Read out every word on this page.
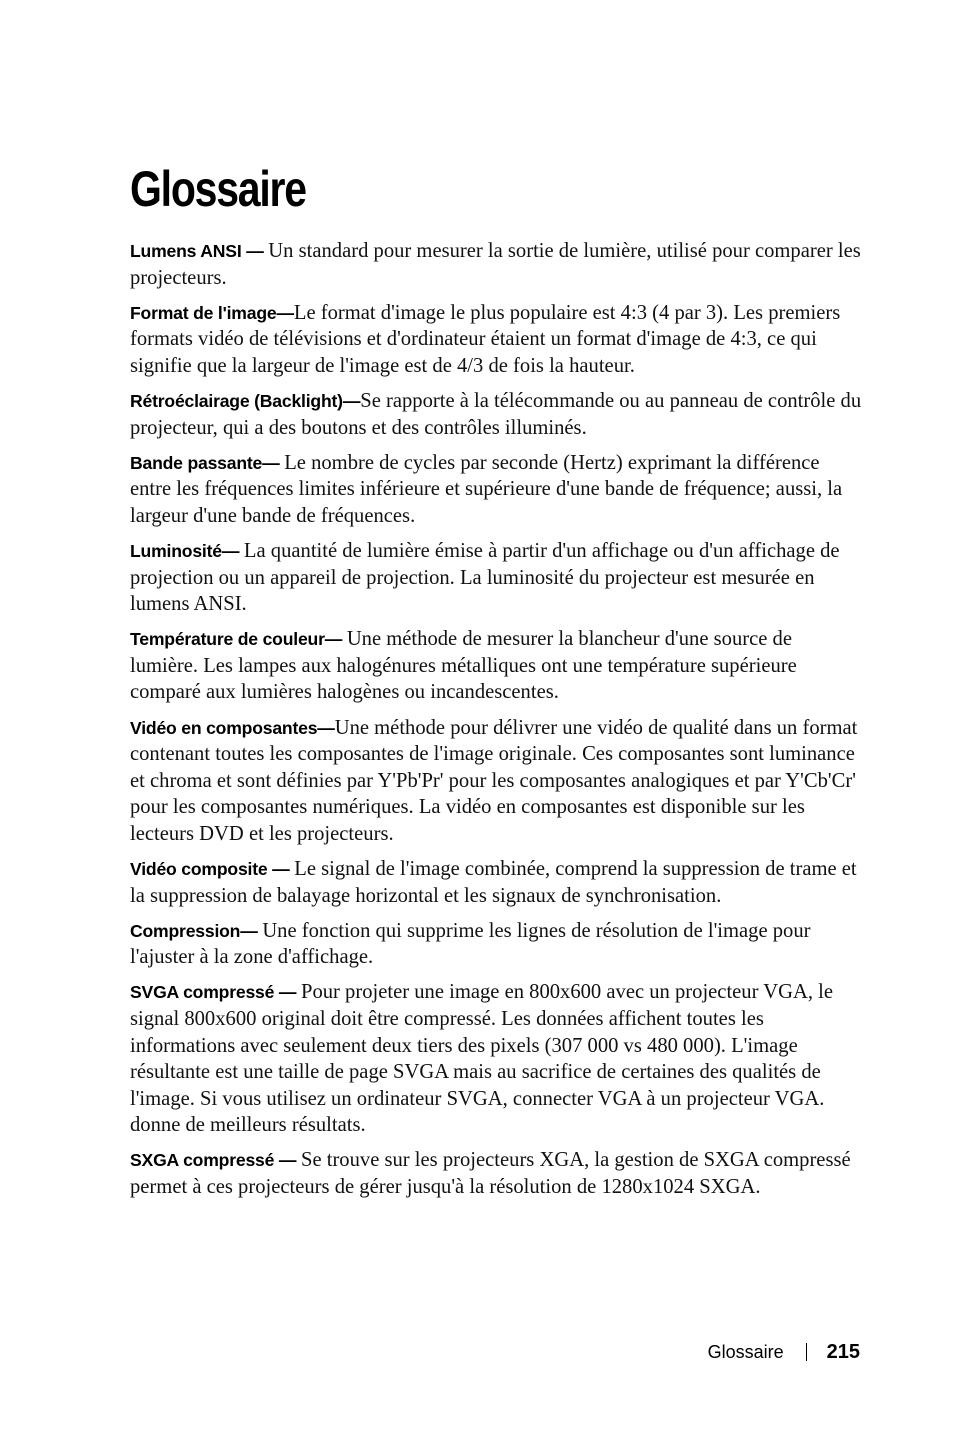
Glossaire

Lumens ANSI — Un standard pour mesurer la sortie de lumière, utilisé pour comparer les projecteurs.

Format de l'image—Le format d'image le plus populaire est 4:3 (4 par 3). Les premiers formats vidéo de télévisions et d'ordinateur étaient un format d'image de 4:3, ce qui signifie que la largeur de l'image est de 4/3 de fois la hauteur.

Rétroéclairage (Backlight)—Se rapporte à la télécommande ou au panneau de contrôle du projecteur, qui a des boutons et des contrôles illuminés.

Bande passante— Le nombre de cycles par seconde (Hertz) exprimant la différence entre les fréquences limites inférieure et supérieure d'une bande de fréquence; aussi, la largeur d'une bande de fréquences.

Luminosité— La quantité de lumière émise à partir d'un affichage ou d'un affichage de projection ou un appareil de projection. La luminosité du projecteur est mesurée en lumens ANSI.

Température de couleur— Une méthode de mesurer la blancheur d'une source de lumière. Les lampes aux halogénures métalliques ont une température supérieure comparé aux lumières halogènes ou incandescentes.

Vidéo en composantes—Une méthode pour délivrer une vidéo de qualité dans un format contenant toutes les composantes de l'image originale. Ces composantes sont luminance et chroma et sont définies par Y'Pb'Pr' pour les composantes analogiques et par Y'Cb'Cr' pour les composantes numériques. La vidéo en composantes est disponible sur les lecteurs DVD et les projecteurs.

Vidéo composite — Le signal de l'image combinée, comprend la suppression de trame et la suppression de balayage horizontal et les signaux de synchronisation.

Compression— Une fonction qui supprime les lignes de résolution de l'image pour l'ajuster à la zone d'affichage.

SVGA compressé — Pour projeter une image en 800x600 avec un projecteur VGA, le signal 800x600 original doit être compressé. Les données affichent toutes les informations avec seulement deux tiers des pixels (307 000 vs 480 000). L'image résultante est une taille de page SVGA mais au sacrifice de certaines des qualités de l'image. Si vous utilisez un ordinateur SVGA, connecter VGA à un projecteur VGA. donne de meilleurs résultats.

SXGA compressé — Se trouve sur les projecteurs XGA, la gestion de SXGA compressé permet à ces projecteurs de gérer jusqu'à la résolution de 1280x1024 SXGA.

Glossaire 215
